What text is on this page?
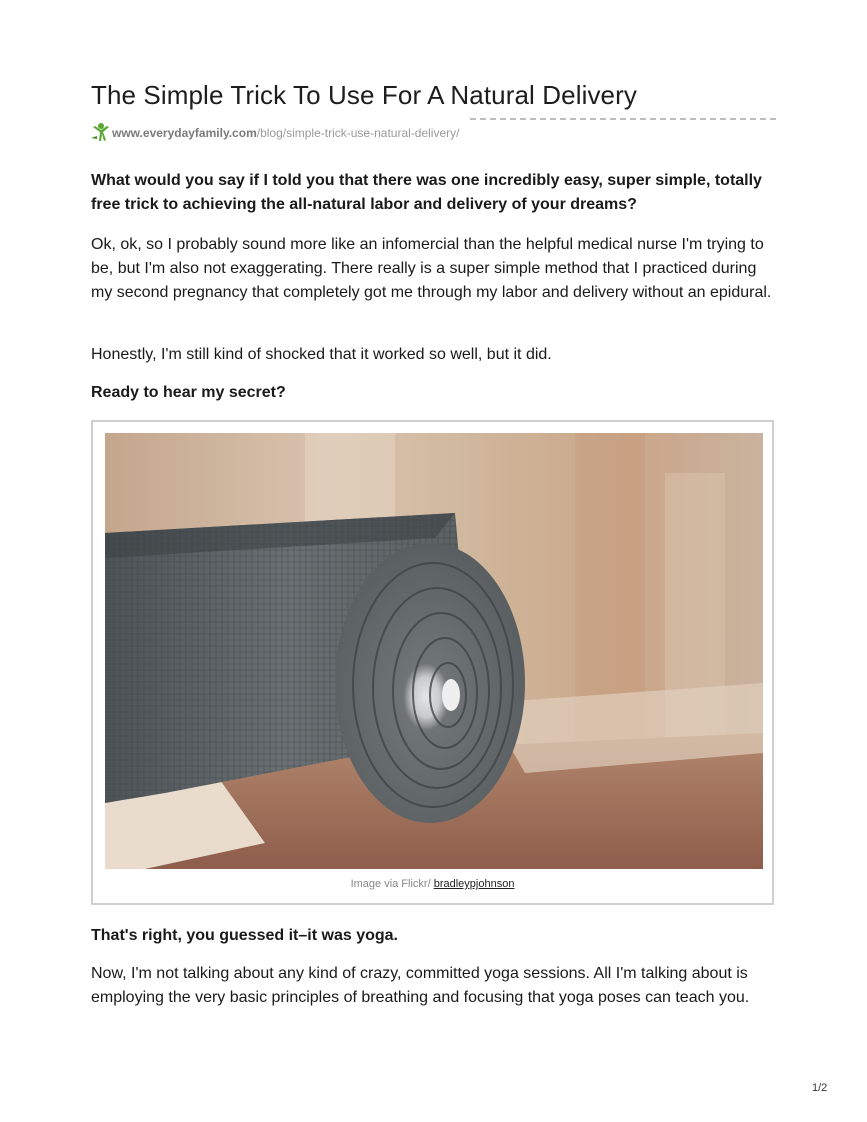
The Simple Trick To Use For A Natural Delivery
www.everydayfamily.com/blog/simple-trick-use-natural-delivery/

What would you say if I told you that there was one incredibly easy, super simple, totally free trick to achieving the all-natural labor and delivery of your dreams?

Ok, ok, so I probably sound more like an infomercial than the helpful medical nurse I'm trying to be, but I'm also not exaggerating. There really is a super simple method that I practiced during my second pregnancy that completely got me through my labor and delivery without an epidural.

Honestly, I'm still kind of shocked that it worked so well, but it did.

Ready to hear my secret?

Image via Flickr/ bradleypjohnson

That's right, you guessed it–it was yoga.

Now, I'm not talking about any kind of crazy, committed yoga sessions. All I'm talking about is employing the very basic principles of breathing and focusing that yoga poses can teach you.

1/2
